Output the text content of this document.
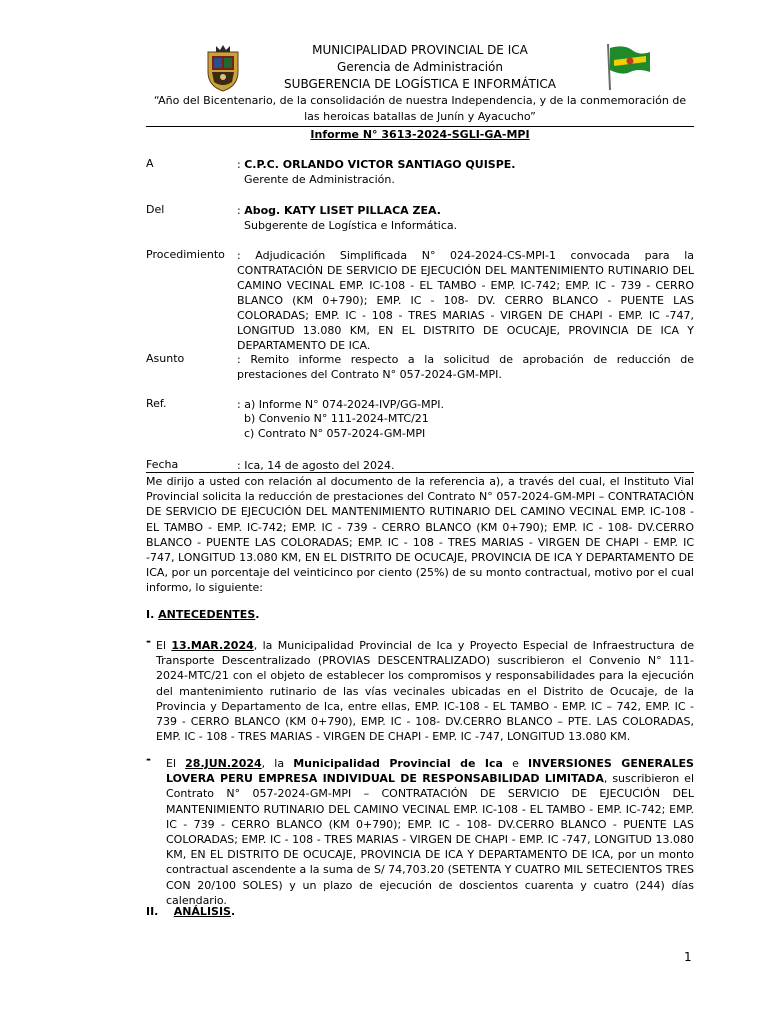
MUNICIPALIDAD PROVINCIAL DE ICA
Gerencia de Administración
SUBGERENCIA DE LOGÍSTICA E INFORMÁTICA
“Año del Bicentenario, de la consolidación de nuestra Independencia, y de la conmemoración de las heroicas batallas de Junín y Ayacucho”
Informe N° 3613-2024-SGLI-GA-MPI
A	: C.P.C. ORLANDO VICTOR SANTIAGO QUISPE.
Gerente de Administración.
Del	: Abog. KATY LISET PILLACA ZEA.
Subgerente de Logística e Informática.
Procedimiento : Adjudicación Simplificada N° 024-2024-CS-MPI-1 convocada para la CONTRATACIÓN DE SERVICIO DE EJECUCIÓN DEL MANTENIMIENTO RUTINARIO DEL CAMINO VECINAL EMP. IC-108 - EL TAMBO - EMP. IC-742; EMP. IC - 739 - CERRO BLANCO (KM 0+790); EMP. IC - 108- DV. CERRO BLANCO - PUENTE LAS COLORADAS; EMP. IC - 108 - TRES MARIAS - VIRGEN DE CHAPI - EMP. IC -747, LONGITUD 13.080 KM, EN EL DISTRITO DE OCUCAJE, PROVINCIA DE ICA Y DEPARTAMENTO DE ICA.
Asunto	: Remito informe respecto a la solicitud de aprobación de reducción de prestaciones del Contrato N° 057-2024-GM-MPI.
Ref.	: a) Informe N° 074-2024-IVP/GG-MPI.
b) Convenio N° 111-2024-MTC/21
c) Contrato N° 057-2024-GM-MPI
Fecha	: Ica, 14 de agosto del 2024.
Me dirijo a usted con relación al documento de la referencia a), a través del cual, el Instituto Vial Provincial solicita la reducción de prestaciones del Contrato N° 057-2024-GM-MPI – CONTRATACIÓN DE SERVICIO DE EJECUCIÓN DEL MANTENIMIENTO RUTINARIO DEL CAMINO VECINAL EMP. IC-108 - EL TAMBO - EMP. IC-742; EMP. IC - 739 - CERRO BLANCO (KM 0+790); EMP. IC - 108- DV.CERRO BLANCO - PUENTE LAS COLORADAS; EMP. IC - 108 - TRES MARIAS - VIRGEN DE CHAPI - EMP. IC -747, LONGITUD 13.080 KM, EN EL DISTRITO DE OCUCAJE, PROVINCIA DE ICA Y DEPARTAMENTO DE ICA, por un porcentaje del veinticinco por ciento (25%) de su monto contractual, motivo por el cual informo, lo siguiente:
I. ANTECEDENTES.
- El 13.MAR.2024, la Municipalidad Provincial de Ica y Proyecto Especial de Infraestructura de Transporte Descentralizado (PROVIAS DESCENTRALIZADO) suscribieron el Convenio N° 111-2024-MTC/21 con el objeto de establecer los compromisos y responsabilidades para la ejecución del mantenimiento rutinario de las vías vecinales ubicadas en el Distrito de Ocucaje, de la Provincia y Departamento de Ica, entre ellas, EMP. IC-108 - EL TAMBO - EMP. IC – 742, EMP. IC - 739 - CERRO BLANCO (KM 0+790), EMP. IC - 108- DV.CERRO BLANCO – PTE. LAS COLORADAS, EMP. IC - 108 - TRES MARIAS - VIRGEN DE CHAPI - EMP. IC -747, LONGITUD 13.080 KM.
- El 28.JUN.2024, la Municipalidad Provincial de Ica e INVERSIONES GENERALES LOVERA PERU EMPRESA INDIVIDUAL DE RESPONSABILIDAD LIMITADA, suscribieron el Contrato N° 057-2024-GM-MPI – CONTRATACIÓN DE SERVICIO DE EJECUCIÓN DEL MANTENIMIENTO RUTINARIO DEL CAMINO VECINAL EMP. IC-108 - EL TAMBO - EMP. IC-742; EMP. IC - 739 - CERRO BLANCO (KM 0+790); EMP. IC - 108- DV.CERRO BLANCO - PUENTE LAS COLORADAS; EMP. IC - 108 - TRES MARIAS - VIRGEN DE CHAPI - EMP. IC -747, LONGITUD 13.080 KM, EN EL DISTRITO DE OCUCAJE, PROVINCIA DE ICA Y DEPARTAMENTO DE ICA, por un monto contractual ascendente a la suma de S/ 74,703.20 (SETENTA Y CUATRO MIL SETECIENTOS TRES CON 20/100 SOLES) y un plazo de ejecución de doscientos cuarenta y cuatro (244) días calendario.
II. ANÁLISIS.
1
